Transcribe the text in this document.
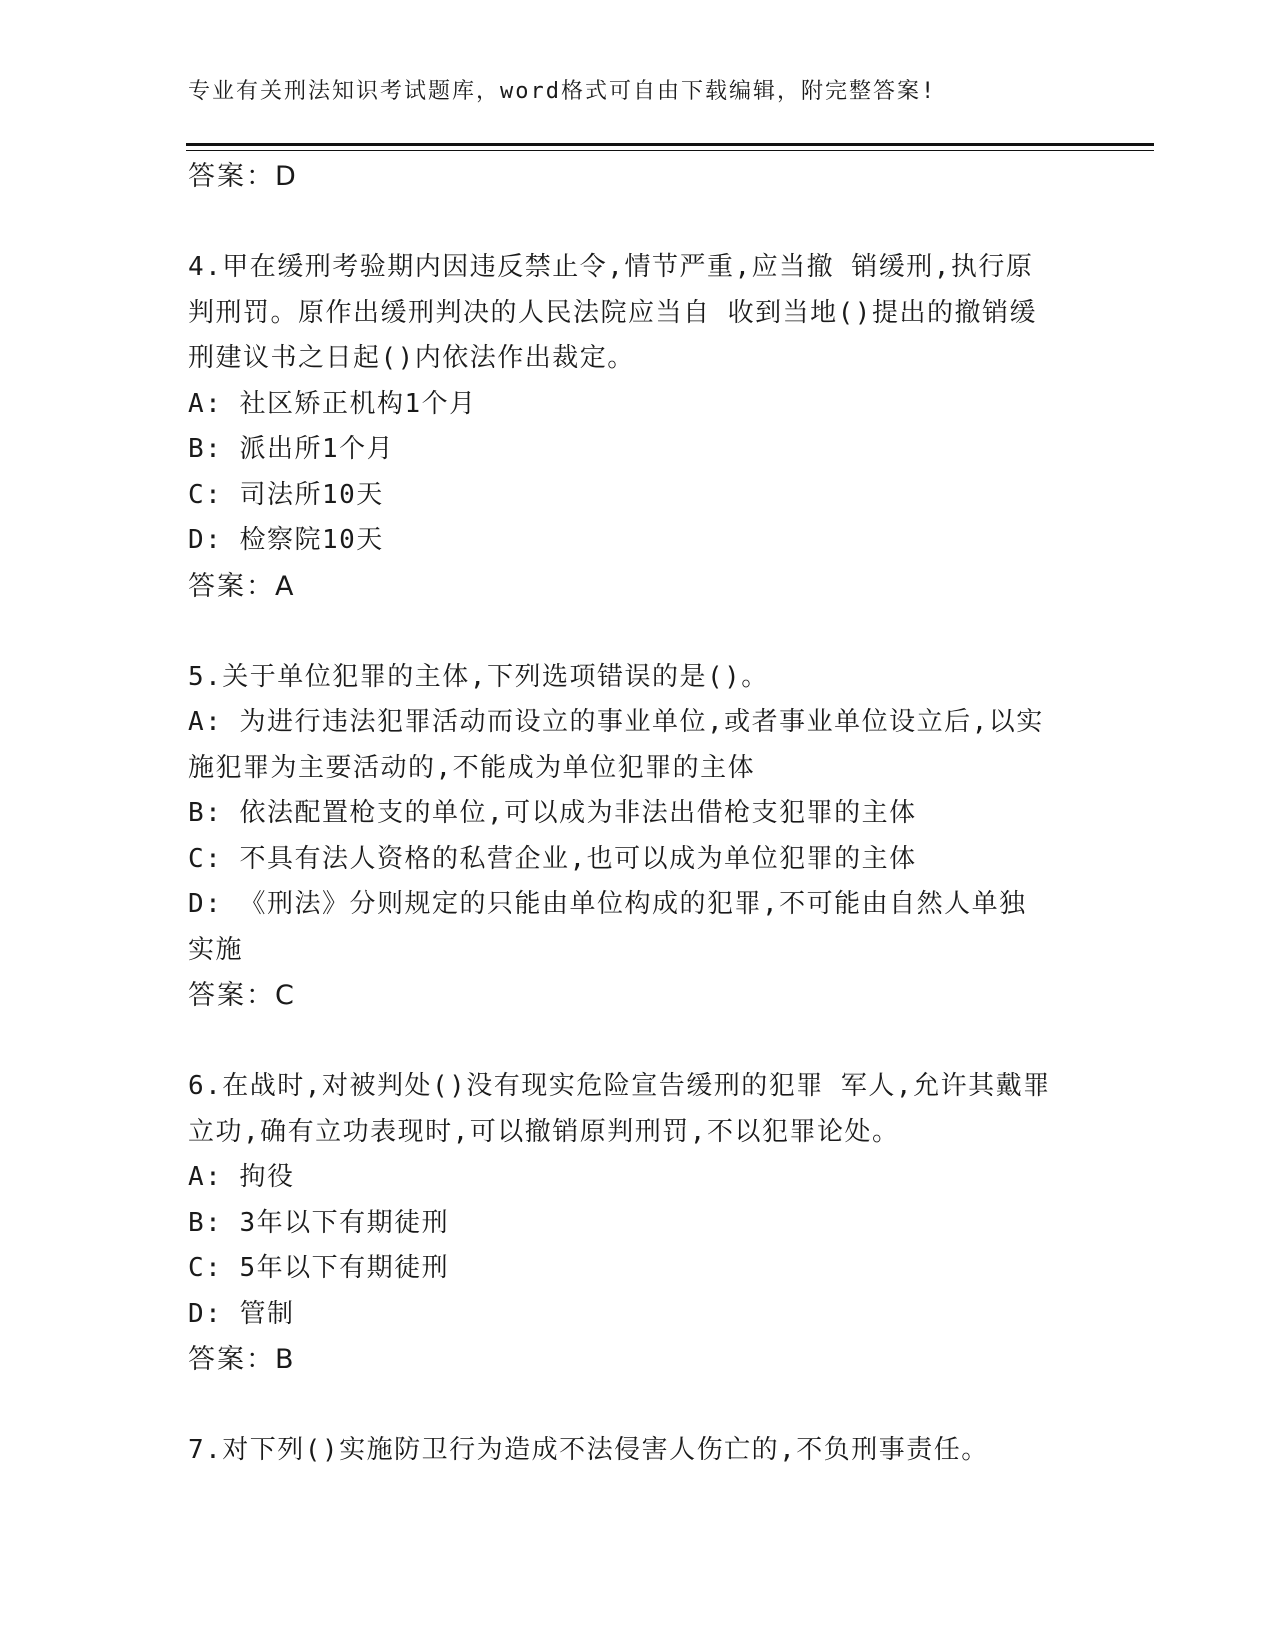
专业有关刑法知识考试题库，word格式可自由下载编辑，附完整答案!
答案：D
4.甲在缓刑考验期内因违反禁止令,情节严重,应当撤 销缓刑,执行原
判刑罚。原作出缓刑判决的人民法院应当自 收到当地()提出的撤销缓
刑建议书之日起()内依法作出裁定。
A: 社区矫正机构1个月
B: 派出所1个月
C: 司法所10天
D: 检察院10天
答案：A
5.关于单位犯罪的主体,下列选项错误的是()。
A: 为进行违法犯罪活动而设立的事业单位,或者事业单位设立后,以实
施犯罪为主要活动的,不能成为单位犯罪的主体
B: 依法配置枪支的单位,可以成为非法出借枪支犯罪的主体
C: 不具有法人资格的私营企业,也可以成为单位犯罪的主体
D: 《刑法》分则规定的只能由单位构成的犯罪,不可能由自然人单独
实施
答案：C
6.在战时,对被判处()没有现实危险宣告缓刑的犯罪 军人,允许其戴罪
立功,确有立功表现时,可以撤销原判刑罚,不以犯罪论处。
A: 拘役
B: 3年以下有期徒刑
C: 5年以下有期徒刑
D: 管制
答案：B
7.对下列()实施防卫行为造成不法侵害人伤亡的,不负刑事责任。
